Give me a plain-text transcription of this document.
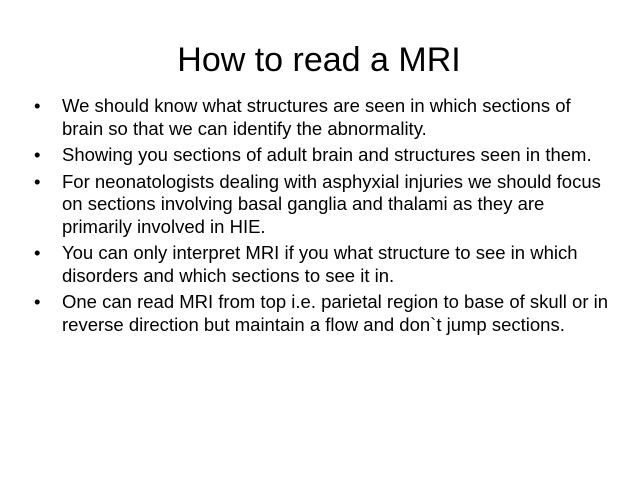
How to read a MRI
•	We should know what structures are seen in which sections of brain so that we can identify the abnormality.
•	Showing you sections of adult brain and structures seen in them.
•	For neonatologists dealing with asphyxial injuries we should focus on sections involving basal ganglia and thalami as they are primarily involved in HIE.
•	You can only interpret MRI if you what structure to see in which disorders and which sections to see it in.
•	One can read MRI from top i.e. parietal region to base of skull or in reverse direction but maintain a flow and don`t jump sections.
